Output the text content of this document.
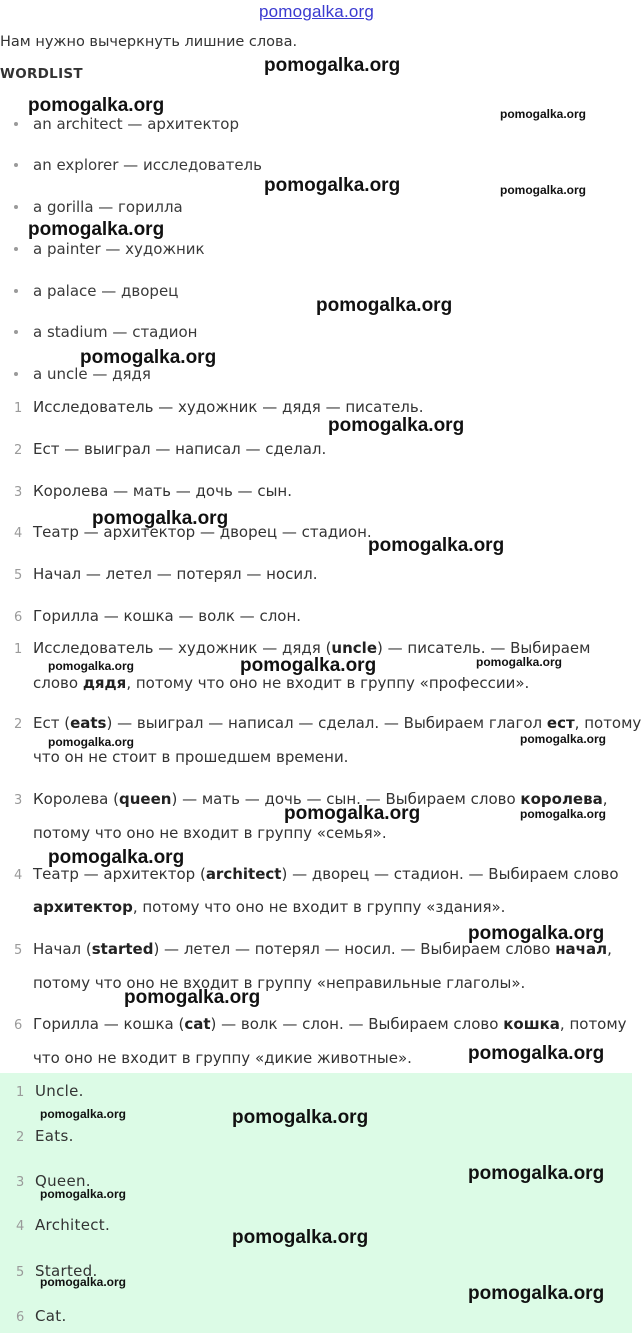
pomogalka.org
Нам нужно вычеркнуть лишние слова.
WORDLIST
an architect — архитектор
an explorer — исследователь
a gorilla — горилла
a painter — художник
a palace — дворец
a stadium — стадион
a uncle — дядя
1 Исследователь — художник — дядя — писатель.
2 Ест — выиграл — написал — сделал.
3 Королева — мать — дочь — сын.
4 Театр — архитектор — дворец — стадион.
5 Начал — летел — потерял — носил.
6 Горилла — кошка — волк — слон.
1 Исследователь — художник — дядя (uncle) — писатель. — Выбираем
слово дядя, потому что оно не входит в группу «профессии».
2 Ест (eats) — выиграл — написал — сделал. — Выбираем глагол ест, потому
что он не стоит в прошедшем времени.
3 Королева (queen) — мать — дочь — сын. — Выбираем слово королева,
потому что оно не входит в группу «семья».
4 Театр — архитектор (architect) — дворец — стадион. — Выбираем слово
архитектор, потому что оно не входит в группу «здания».
5 Начал (started) — летел — потерял — носил. — Выбираем слово начал,
потому что оно не входит в группу «неправильные глаголы».
6 Горилла — кошка (cat) — волк — слон. — Выбираем слово кошка, потому
что оно не входит в группу «дикие животные».
1 Uncle.
2 Eats.
3 Queen.
4 Architect.
5 Started.
6 Cat.
pomogalka.org
pomogalka.org	pomogalka.org
pomogalka.org	pomogalka.org
pomogalka.org
pomogalka.org
pomogalka.org
pomogalka.org
pomogalka.org
pomogalka.org
pomogalka.org	pomogalka.org	pomogalka.org
pomogalka.org	pomogalka.org
pomogalka.org	pomogalka.org
pomogalka.org
pomogalka.org
pomogalka.org
pomogalka.org
pomogalka.org	pomogalka.org
pomogalka.org
pomogalka.org
pomogalka.org
pomogalka.org
pomogalka.org
